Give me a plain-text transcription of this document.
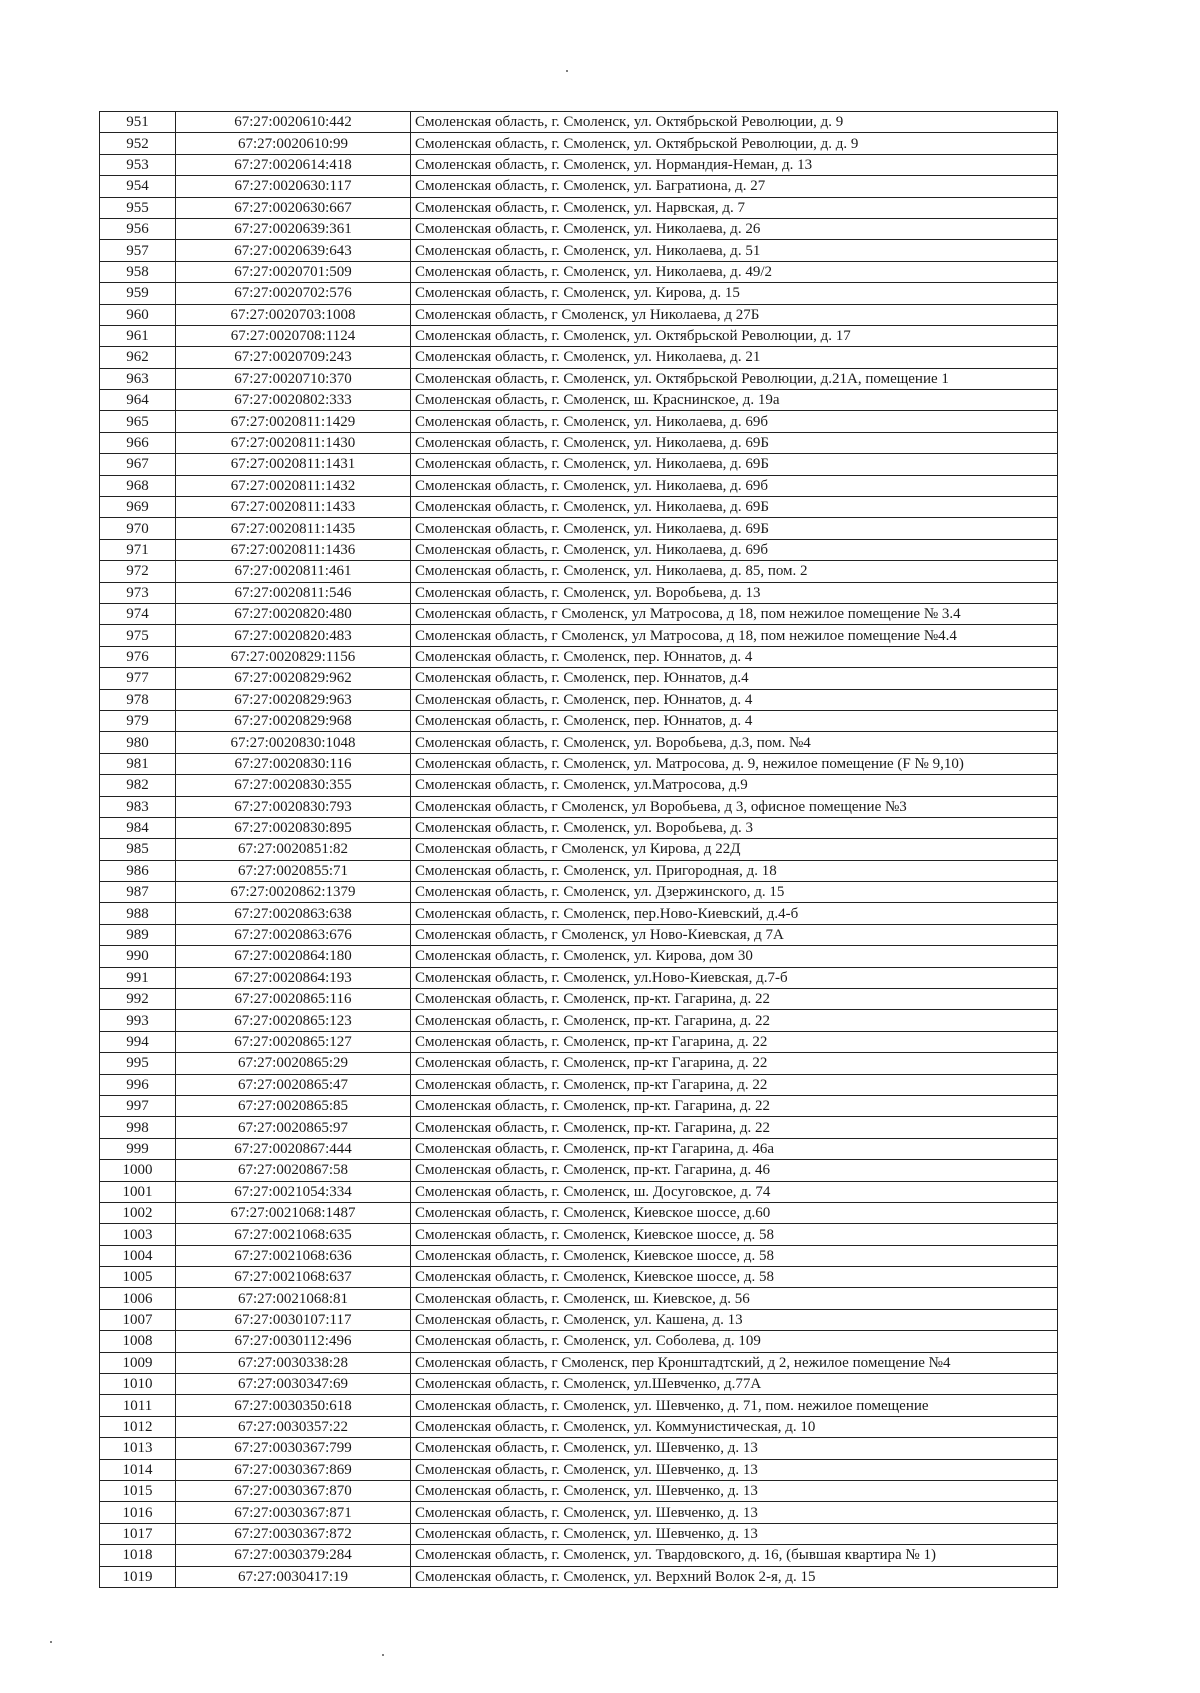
951	67:27:0020610:442	Смоленская область, г. Смоленск, ул. Октябрьской Революции, д. 9
952	67:27:0020610:99	Смоленская область, г. Смоленск, ул. Октябрьской Революции, д. д. 9
953	67:27:0020614:418	Смоленская область, г. Смоленск, ул. Нормандия-Неман, д. 13
954	67:27:0020630:117	Смоленская область, г. Смоленск, ул. Багратиона, д. 27
955	67:27:0020630:667	Смоленская область, г. Смоленск, ул. Нарвская, д. 7
956	67:27:0020639:361	Смоленская область, г. Смоленск, ул. Николаева, д. 26
957	67:27:0020639:643	Смоленская область, г. Смоленск, ул. Николаева, д. 51
958	67:27:0020701:509	Смоленская область, г. Смоленск, ул. Николаева, д. 49/2
959	67:27:0020702:576	Смоленская область, г. Смоленск, ул. Кирова, д. 15
960	67:27:0020703:1008	Смоленская область, г Смоленск, ул Николаева, д 27Б
961	67:27:0020708:1124	Смоленская область, г. Смоленск, ул. Октябрьской Революции, д. 17
962	67:27:0020709:243	Смоленская область, г. Смоленск, ул. Николаева, д. 21
963	67:27:0020710:370	Смоленская область, г. Смоленск, ул. Октябрьской Революции, д.21А, помещение 1
964	67:27:0020802:333	Смоленская область, г. Смоленск, ш. Краснинское, д. 19а
965	67:27:0020811:1429	Смоленская область, г. Смоленск, ул. Николаева, д. 69б
966	67:27:0020811:1430	Смоленская область, г. Смоленск, ул. Николаева, д. 69Б
967	67:27:0020811:1431	Смоленская область, г. Смоленск, ул. Николаева, д. 69Б
968	67:27:0020811:1432	Смоленская область, г. Смоленск, ул. Николаева, д. 69б
969	67:27:0020811:1433	Смоленская область, г. Смоленск, ул. Николаева, д. 69Б
970	67:27:0020811:1435	Смоленская область, г. Смоленск, ул. Николаева, д. 69Б
971	67:27:0020811:1436	Смоленская область, г. Смоленск, ул. Николаева, д. 69б
972	67:27:0020811:461	Смоленская область, г. Смоленск, ул. Николаева, д. 85, пом. 2
973	67:27:0020811:546	Смоленская область, г. Смоленск, ул. Воробьева, д. 13
974	67:27:0020820:480	Смоленская область, г Смоленск, ул Матросова, д 18, пом нежилое помещение № 3.4
975	67:27:0020820:483	Смоленская область, г Смоленск, ул Матросова, д 18, пом нежилое помещение №4.4
976	67:27:0020829:1156	Смоленская область, г. Смоленск, пер. Юннатов, д. 4
977	67:27:0020829:962	Смоленская область, г. Смоленск, пер. Юннатов, д.4
978	67:27:0020829:963	Смоленская область, г. Смоленск, пер. Юннатов, д. 4
979	67:27:0020829:968	Смоленская область, г. Смоленск, пер. Юннатов, д. 4
980	67:27:0020830:1048	Смоленская область, г. Смоленск, ул. Воробьева, д.3, пом. №4
981	67:27:0020830:116	Смоленская область, г. Смоленск, ул. Матросова, д. 9, нежилое помещение (F № 9,10)
982	67:27:0020830:355	Смоленская область, г. Смоленск, ул.Матросова, д.9
983	67:27:0020830:793	Смоленская область, г Смоленск, ул Воробьева, д 3, офисное помещение №3
984	67:27:0020830:895	Смоленская область, г. Смоленск, ул. Воробьева, д. 3
985	67:27:0020851:82	Смоленская область, г Смоленск, ул Кирова, д 22Д
986	67:27:0020855:71	Смоленская область, г. Смоленск, ул. Пригородная, д. 18
987	67:27:0020862:1379	Смоленская область, г. Смоленск, ул. Дзержинского, д. 15
988	67:27:0020863:638	Смоленская область, г. Смоленск, пер.Ново-Киевский, д.4-б
989	67:27:0020863:676	Смоленская область, г Смоленск, ул Ново-Киевская, д 7А
990	67:27:0020864:180	Смоленская область, г. Смоленск, ул. Кирова, дом 30
991	67:27:0020864:193	Смоленская область, г. Смоленск, ул.Ново-Киевская, д.7-б
992	67:27:0020865:116	Смоленская область, г. Смоленск, пр-кт. Гагарина, д. 22
993	67:27:0020865:123	Смоленская область, г. Смоленск, пр-кт. Гагарина, д. 22
994	67:27:0020865:127	Смоленская область, г. Смоленск, пр-кт Гагарина, д. 22
995	67:27:0020865:29	Смоленская область, г. Смоленск, пр-кт Гагарина, д. 22
996	67:27:0020865:47	Смоленская область, г. Смоленск, пр-кт Гагарина, д. 22
997	67:27:0020865:85	Смоленская область, г. Смоленск, пр-кт. Гагарина, д. 22
998	67:27:0020865:97	Смоленская область, г. Смоленск, пр-кт. Гагарина, д. 22
999	67:27:0020867:444	Смоленская область, г. Смоленск, пр-кт Гагарина, д. 46а
1000	67:27:0020867:58	Смоленская область, г. Смоленск, пр-кт. Гагарина, д. 46
1001	67:27:0021054:334	Смоленская область, г. Смоленск, ш. Досуговское, д. 74
1002	67:27:0021068:1487	Смоленская область, г. Смоленск, Киевское шоссе, д.60
1003	67:27:0021068:635	Смоленская область, г. Смоленск, Киевское шоссе, д. 58
1004	67:27:0021068:636	Смоленская область, г. Смоленск, Киевское шоссе, д. 58
1005	67:27:0021068:637	Смоленская область, г. Смоленск, Киевское шоссе, д. 58
1006	67:27:0021068:81	Смоленская область, г. Смоленск, ш. Киевское, д. 56
1007	67:27:0030107:117	Смоленская область, г. Смоленск, ул. Кашена, д. 13
1008	67:27:0030112:496	Смоленская область, г. Смоленск, ул. Соболева, д. 109
1009	67:27:0030338:28	Смоленская область, г Смоленск, пер Кронштадтский, д 2, нежилое помещение №4
1010	67:27:0030347:69	Смоленская область, г. Смоленск, ул.Шевченко, д.77А
1011	67:27:0030350:618	Смоленская область, г. Смоленск, ул. Шевченко, д. 71, пом. нежилое помещение
1012	67:27:0030357:22	Смоленская область, г. Смоленск, ул. Коммунистическая, д. 10
1013	67:27:0030367:799	Смоленская область, г. Смоленск, ул. Шевченко, д. 13
1014	67:27:0030367:869	Смоленская область, г. Смоленск, ул. Шевченко, д. 13
1015	67:27:0030367:870	Смоленская область, г. Смоленск, ул. Шевченко, д. 13
1016	67:27:0030367:871	Смоленская область, г. Смоленск, ул. Шевченко, д. 13
1017	67:27:0030367:872	Смоленская область, г. Смоленск, ул. Шевченко, д. 13
1018	67:27:0030379:284	Смоленская область, г. Смоленск, ул. Твардовского, д. 16, (бывшая квартира № 1)
1019	67:27:0030417:19	Смоленская область, г. Смоленск, ул. Верхний Волок 2-я, д. 15
